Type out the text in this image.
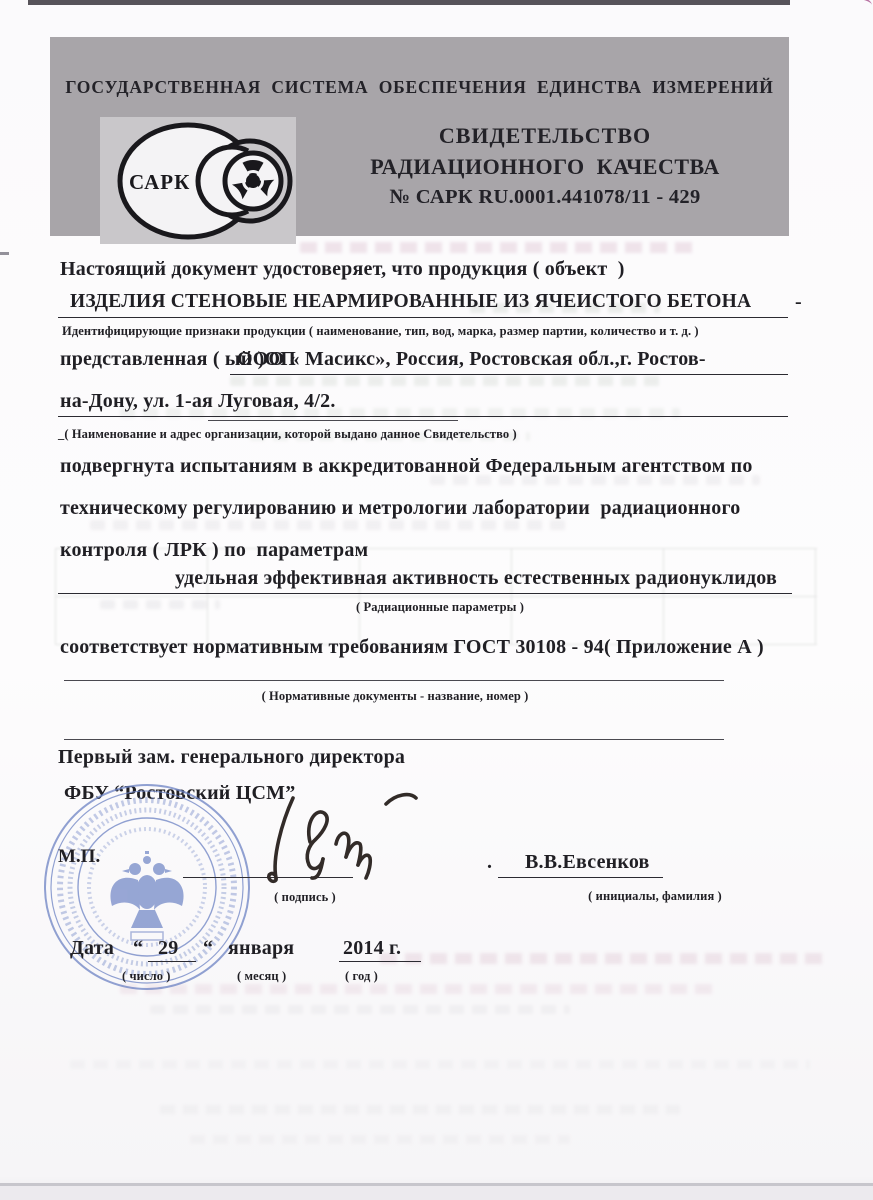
ГОСУДАРСТВЕННАЯ  СИСТЕМА  ОБЕСПЕЧЕНИЯ  ЕДИНСТВА  ИЗМЕРЕНИЙ
САРК
СВИДЕТЕЛЬСТВО
РАДИАЦИОННОГО  КАЧЕСТВА
№ САРК RU.0001.441078/11 - 429
Настоящий документ удостоверяет, что продукция ( объект  )
ИЗДЕЛИЯ СТЕНОВЫЕ НЕАРМИРОВАННЫЕ ИЗ ЯЧЕИСТОГО БЕТОНА -
Идентифицирующие признаки продукции ( наименование, тип, вод, марка, размер партии, количество и т. д. )
представленная ( ый )ОП
ООО « Масикс», Россия, Ростовская обл.,г. Ростов-
на-Дону, ул. 1-ая Луговая, 4/2.
_( Наименование и адрес организации, которой выдано данное Свидетельство )
подвергнута испытаниям в аккредитованной Федеральным агентством по
техническому регулированию и метрологии лаборатории  радиационного
контроля ( ЛРК ) по  параметрам
удельная эффективная активность естественных радионуклидов
( Радиационные параметры )
соответствует нормативным требованиям ГОСТ 30108 - 94( Приложение А )
( Нормативные документы - название, номер )
Первый зам. генерального директора
ФБУ “Ростовский ЦСМ”
М.П.
( подпись )
. В.В.Евсенков
( инициалы, фамилия )
Дата “ 29 “ января 2014 г.
( число )	( месяц )	( год )
